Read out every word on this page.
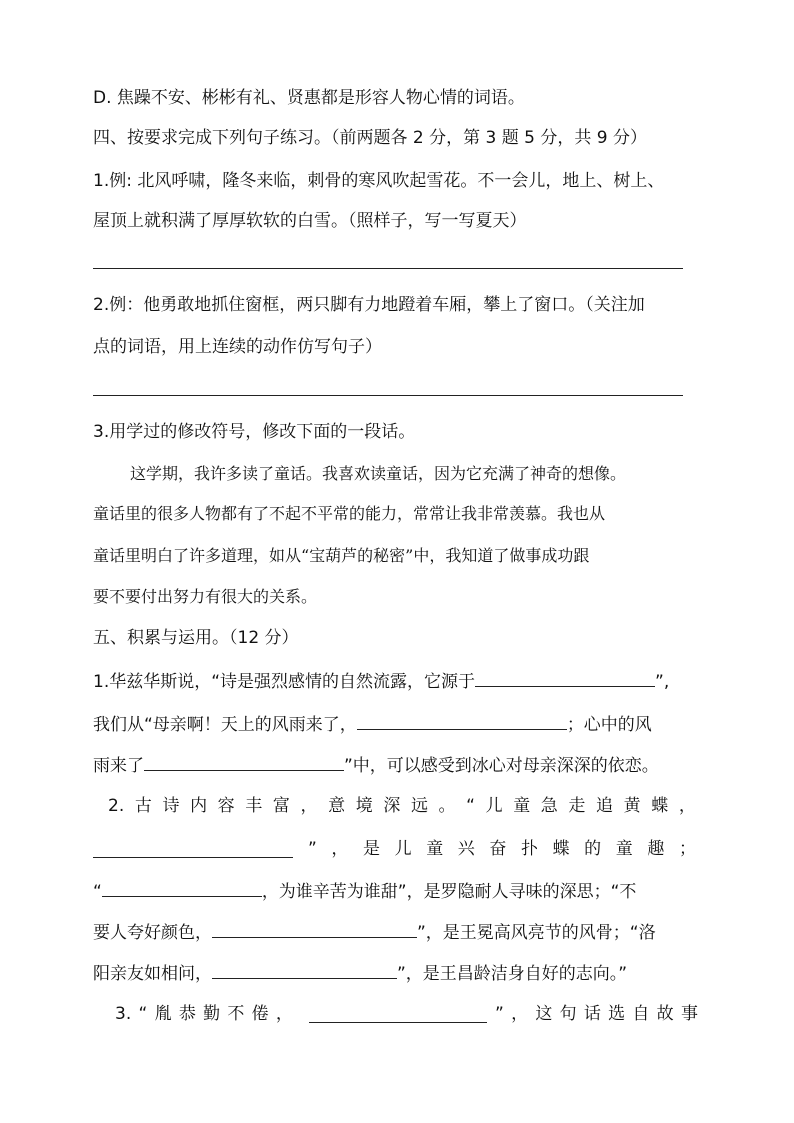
D. 焦躁不安、彬彬有礼、贤惠都是形容人物心情的词语。
四、按要求完成下列句子练习。（前两题各 2 分，第 3 题 5 分，共 9 分）
1.例: 北风呼啸，隆冬来临，刺骨的寒风吹起雪花。不一会儿，地上、树上、
屋顶上就积满了厚厚软软的白雪。（照样子，写一写夏天）
2.例：他勇敢地抓住窗框，两只脚有力地蹬着车厢，攀上了窗口。（关注加
点的词语，用上连续的动作仿写句子）
3.用学过的修改符号，修改下面的一段话。
这学期，我许多读了童话。我喜欢读童话，因为它充满了神奇的想像。
童话里的很多人物都有了不起不平常的能力，常常让我非常羡慕。我也从
童话里明白了许多道理，如从“宝葫芦的秘密”中，我知道了做事成功跟
要不要付出努力有很大的关系。
五、积累与运用。（12 分）
1.华兹华斯说，“诗是强烈感情的自然流露，它源于	”,
我们从“母亲啊！天上的风雨来了，	；心中的风
雨来了	”中，可以感受到冰心对母亲深深的依恋。
2. 古 诗 内 容 丰 富 ， 意 境 深 远 。 “ 儿 童 急 走 追 黄 蝶 ，
” ， 是 儿 童 兴 奋 扑 蝶 的 童 趣 ；
“	，为谁辛苦为谁甜”，是罗隐耐人寻味的深思；“不
要人夸好颜色，	”，是王冕高风亮节的风骨；“洛
阳亲友如相问，	”，是王昌龄洁身自好的志向。”
3. “ 胤 恭 勤 不 倦 ，	” ， 这 句 话 选 自 故 事
